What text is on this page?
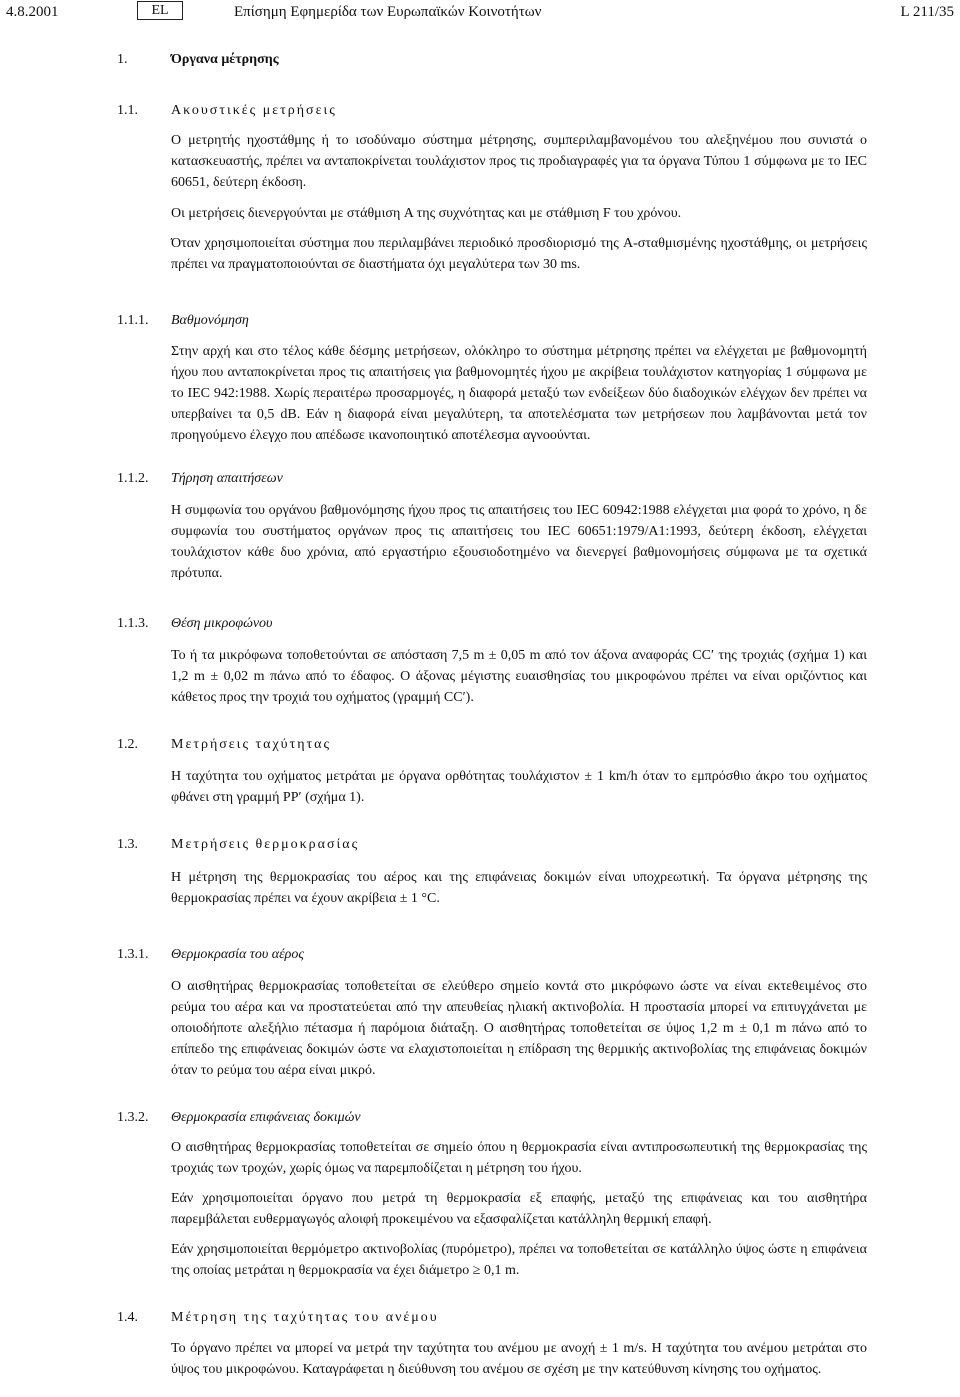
4.8.2001	EL	Επίσημη Εφημερίδα των Ευρωπαϊκών Κοινοτήτων	L 211/35
1.	Όργανα μέτρησης
1.1. Ακουστικές μετρήσεις
Ο μετρητής ηχοστάθμης ή το ισοδύναμο σύστημα μέτρησης, συμπεριλαμβανομένου του αλεξηνέμου που συνιστά ο κατασκευαστής, πρέπει να ανταποκρίνεται τουλάχιστον προς τις προδιαγραφές για τα όργανα Τύπου 1 σύμφωνα με το IEC 60651, δεύτερη έκδοση.
Οι μετρήσεις διενεργούνται με στάθμιση A της συχνότητας και με στάθμιση F του χρόνου.
Όταν χρησιμοποιείται σύστημα που περιλαμβάνει περιοδικό προσδιορισμό της A-σταθμισμένης ηχοστάθμης, οι μετρήσεις πρέπει να πραγματοποιούνται σε διαστήματα όχι μεγαλύτερα των 30 ms.
1.1.1. Βαθμονόμηση
Στην αρχή και στο τέλος κάθε δέσμης μετρήσεων, ολόκληρο το σύστημα μέτρησης πρέπει να ελέγχεται με βαθμονομητή ήχου που ανταποκρίνεται προς τις απαιτήσεις για βαθμονομητές ήχου με ακρίβεια τουλάχιστον κατηγορίας 1 σύμφωνα με το IEC 942:1988. Χωρίς περαιτέρω προσαρμογές, η διαφορά μεταξύ των ενδείξεων δύο διαδοχικών ελέγχων δεν πρέπει να υπερβαίνει τα 0,5 dB. Εάν η διαφορά είναι μεγαλύτερη, τα αποτελέσματα των μετρήσεων που λαμβάνονται μετά τον προηγούμενο έλεγχο που απέδωσε ικανοποιητικό αποτέλεσμα αγνοούνται.
1.1.2. Τήρηση απαιτήσεων
Η συμφωνία του οργάνου βαθμονόμησης ήχου προς τις απαιτήσεις του IEC 60942:1988 ελέγχεται μια φορά το χρόνο, η δε συμφωνία του συστήματος οργάνων προς τις απαιτήσεις του IEC 60651:1979/A1:1993, δεύτερη έκδοση, ελέγχεται τουλάχιστον κάθε δυο χρόνια, από εργαστήριο εξουσιοδοτημένο να διενεργεί βαθμονομήσεις σύμφωνα με τα σχετικά πρότυπα.
1.1.3. Θέση μικροφώνου
Το ή τα μικρόφωνα τοποθετούνται σε απόσταση 7,5 m ± 0,05 m από τον άξονα αναφοράς CC′ της τροχιάς (σχήμα 1) και 1,2 m ± 0,02 m πάνω από το έδαφος. Ο άξονας μέγιστης ευαισθησίας του μικροφώνου πρέπει να είναι οριζόντιος και κάθετος προς την τροχιά του οχήματος (γραμμή CC′).
1.2. Μετρήσεις ταχύτητας
Η ταχύτητα του οχήματος μετράται με όργανα ορθότητας τουλάχιστον ± 1 km/h όταν το εμπρόσθιο άκρο του οχήματος φθάνει στη γραμμή PP′ (σχήμα 1).
1.3. Μετρήσεις θερμοκρασίας
Η μέτρηση της θερμοκρασίας του αέρος και της επιφάνειας δοκιμών είναι υποχρεωτική. Τα όργανα μέτρησης της θερμοκρασίας πρέπει να έχουν ακρίβεια ± 1 °C.
1.3.1. Θερμοκρασία του αέρος
Ο αισθητήρας θερμοκρασίας τοποθετείται σε ελεύθερο σημείο κοντά στο μικρόφωνο ώστε να είναι εκτεθειμένος στο ρεύμα του αέρα και να προστατεύεται από την απευθείας ηλιακή ακτινοβολία. Η προστασία μπορεί να επιτυγχάνεται με οποιοδήποτε αλεξήλιο πέτασμα ή παρόμοια διάταξη. Ο αισθητήρας τοποθετείται σε ύψος 1,2 m ± 0,1 m πάνω από το επίπεδο της επιφάνειας δοκιμών ώστε να ελαχιστοποιείται η επίδραση της θερμικής ακτινοβολίας της επιφάνειας δοκιμών όταν το ρεύμα του αέρα είναι μικρό.
1.3.2. Θερμοκρασία επιφάνειας δοκιμών
Ο αισθητήρας θερμοκρασίας τοποθετείται σε σημείο όπου η θερμοκρασία είναι αντιπροσωπευτική της θερμοκρασίας της τροχιάς των τροχών, χωρίς όμως να παρεμποδίζεται η μέτρηση του ήχου.
Εάν χρησιμοποιείται όργανο που μετρά τη θερμοκρασία εξ επαφής, μεταξύ της επιφάνειας και του αισθητήρα παρεμβάλεται ευθερμαγωγός αλοιφή προκειμένου να εξασφαλίζεται κατάλληλη θερμική επαφή.
Εάν χρησιμοποιείται θερμόμετρο ακτινοβολίας (πυρόμετρο), πρέπει να τοποθετείται σε κατάλληλο ύψος ώστε η επιφάνεια της οποίας μετράται η θερμοκρασία να έχει διάμετρο ≥ 0,1 m.
1.4. Μέτρηση της ταχύτητας του ανέμου
Το όργανο πρέπει να μπορεί να μετρά την ταχύτητα του ανέμου με ανοχή ± 1 m/s. Η ταχύτητα του ανέμου μετράται στο ύψος του μικροφώνου. Καταγράφεται η διεύθυνση του ανέμου σε σχέση με την κατεύθυνση κίνησης του οχήματος.
